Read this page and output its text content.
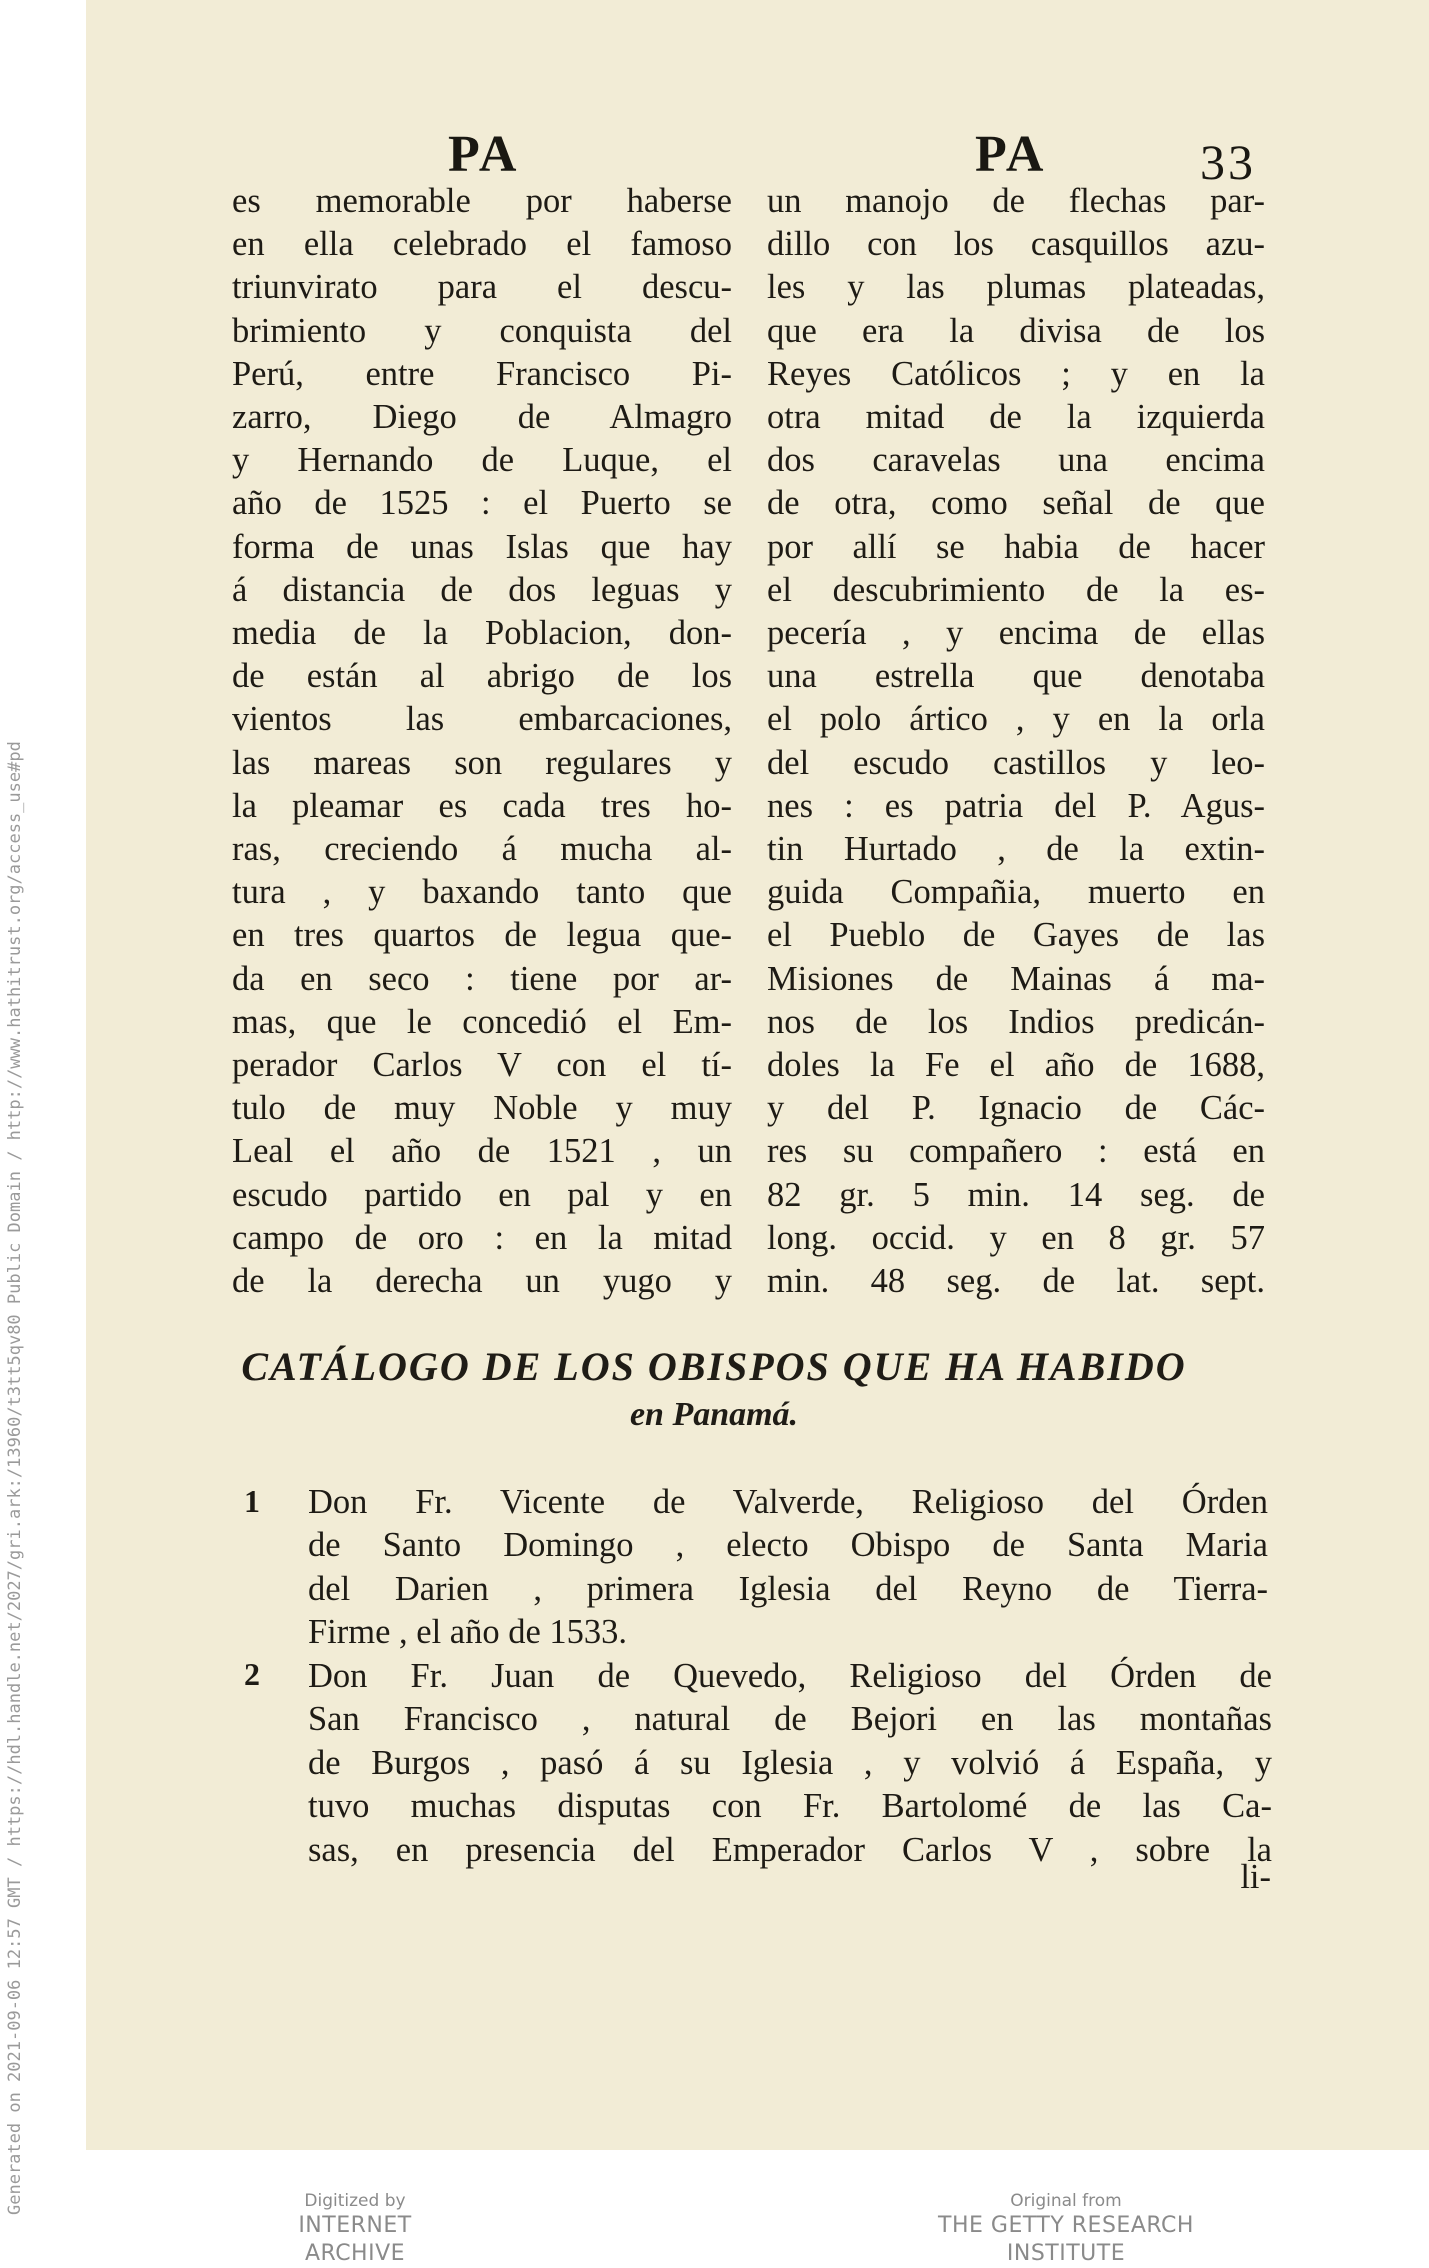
PA	PA	33
es memorable por haberse
en ella celebrado el famoso
triunvirato para el descu-
brimiento y conquista del
Perú, entre Francisco Pi-
zarro, Diego de Almagro
y Hernando de Luque, el
año de 1525 : el Puerto se
forma de unas Islas que hay
á distancia de dos leguas y
media de la Poblacion, don-
de están al abrigo de los
vientos las embarcaciones,
las mareas son regulares y
la pleamar es cada tres ho-
ras, creciendo á mucha al-
tura , y baxando tanto que
en tres quartos de legua que-
da en seco : tiene por ar-
mas, que le concedió el Em-
perador Carlos V con el tí-
tulo de muy Noble y muy
Leal el año de 1521 , un
escudo partido en pal y en
campo de oro : en la mitad
de la derecha un yugo y
un manojo de flechas par-
dillo con los casquillos azu-
les y las plumas plateadas,
que era la divisa de los
Reyes Católicos ; y en la
otra mitad de la izquierda
dos caravelas una encima
de otra, como señal de que
por allí se habia de hacer
el descubrimiento de la es-
pecería , y encima de ellas
una estrella que denotaba
el polo ártico , y en la orla
del escudo castillos y leo-
nes : es patria del P. Agus-
tin Hurtado , de la extin-
guida Compañia, muerto en
el Pueblo de Gayes de las
Misiones de Mainas á ma-
nos de los Indios predicán-
doles la Fe el año de 1688,
y del P. Ignacio de Các-
res su compañero : está en
82 gr. 5 min. 14 seg. de
long. occid. y en 8 gr. 57
min. 48 seg. de lat. sept.
CATÁLOGO DE LOS OBISPOS QUE HA HABIDO
en Panamá.
1 Don Fr. Vicente de Valverde, Religioso del Órden
de Santo Domingo , electo Obispo de Santa Maria
del Darien , primera Iglesia del Reyno de Tierra-
Firme , el año de 1533.
2 Don Fr. Juan de Quevedo, Religioso del Órden de
San Francisco , natural de Bejori en las montañas
de Burgos , pasó á su Iglesia , y volvió á España, y
tuvo muchas disputas con Fr. Bartolomé de las Ca-
sas, en presencia del Emperador Carlos V , sobre la
li-
Generated on 2021-09-06 12:57 GMT / https://hdl.handle.net/2027/gri.ark:/13960/t3tt5qv80 Public Domain / http://www.hathitrust.org/access_use#pd	Digitized by
INTERNET ARCHIVE
Original from
THE GETTY RESEARCH INSTITUTE
